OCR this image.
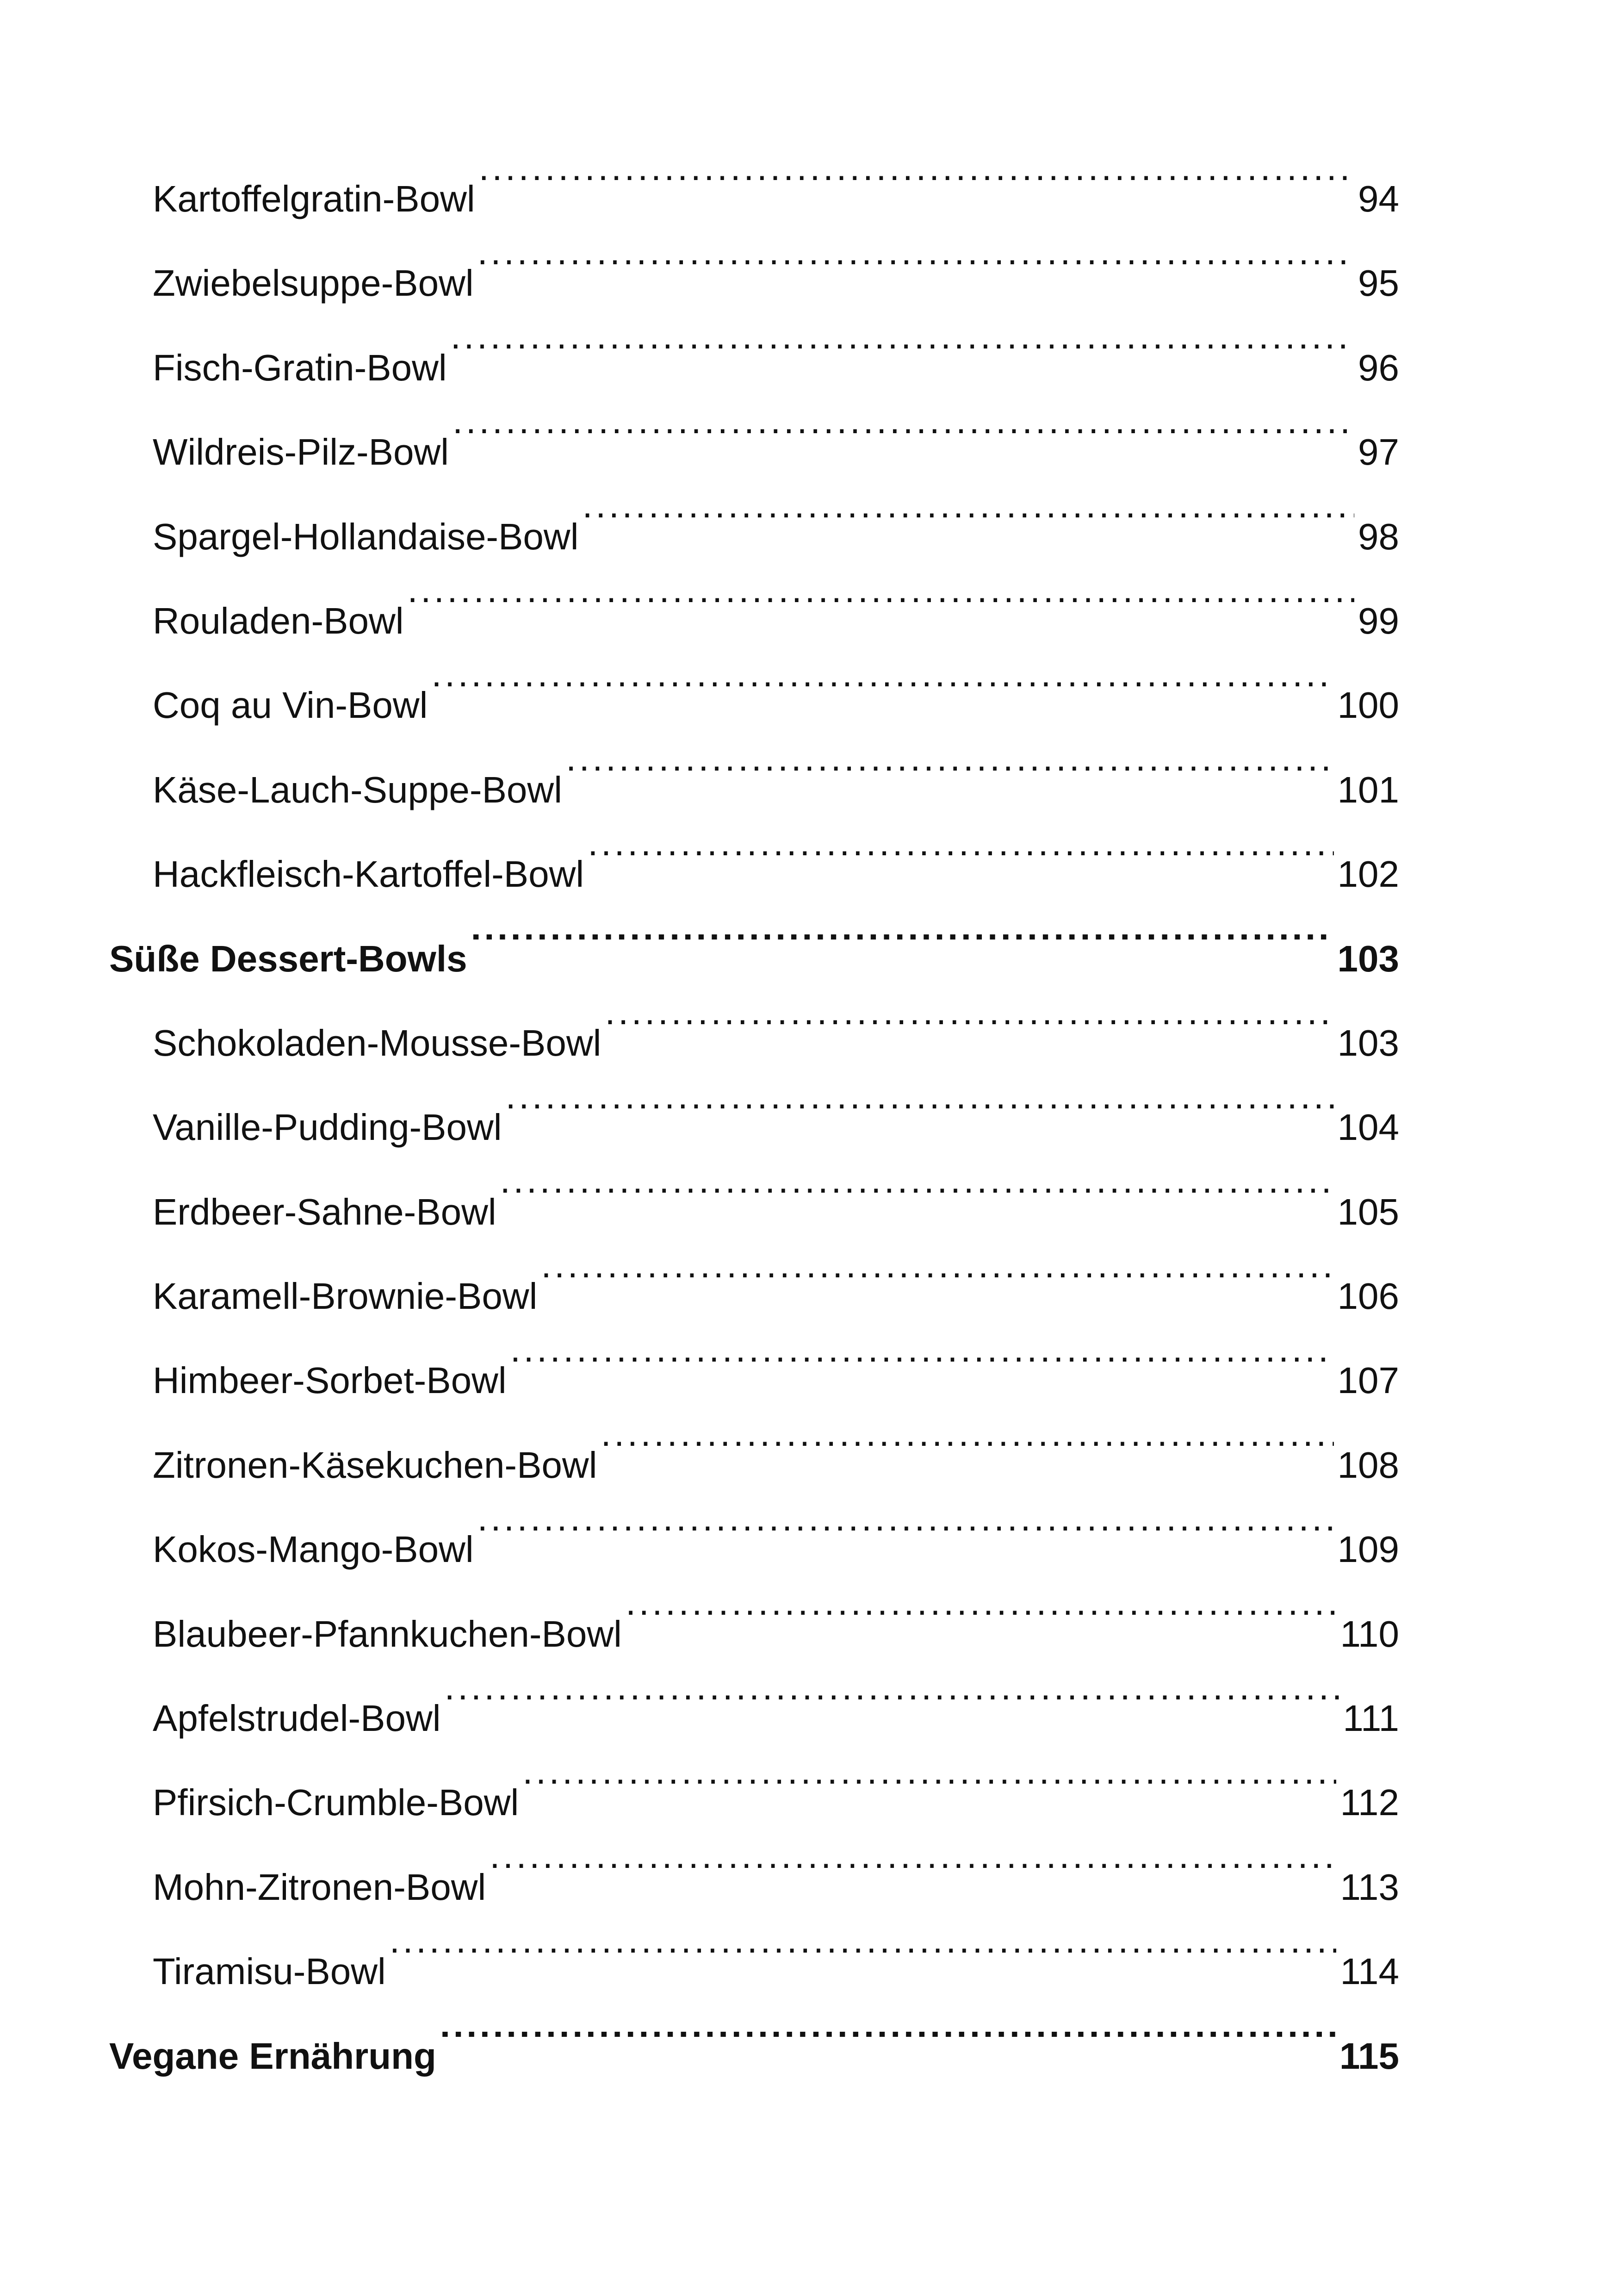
Kartoffelgratin-Bowl .....	94
Zwiebelsuppe-Bowl .....	95
Fisch-Gratin-Bowl .....	96
Wildreis-Pilz-Bowl .....	97
Spargel-Hollandaise-Bowl .....	98
Rouladen-Bowl .....	99
Coq au Vin-Bowl .....	100
Käse-Lauch-Suppe-Bowl .....	101
Hackfleisch-Kartoffel-Bowl .....	102
Süße Dessert-Bowls .....	103
Schokoladen-Mousse-Bowl .....	103
Vanille-Pudding-Bowl .....	104
Erdbeer-Sahne-Bowl .....	105
Karamell-Brownie-Bowl .....	106
Himbeer-Sorbet-Bowl .....	107
Zitronen-Käsekuchen-Bowl .....	108
Kokos-Mango-Bowl .....	109
Blaubeer-Pfannkuchen-Bowl .....	110
Apfelstrudel-Bowl .....	111
Pfirsich-Crumble-Bowl .....	112
Mohn-Zitronen-Bowl .....	113
Tiramisu-Bowl .....	114
Vegane Ernährung .....	115
